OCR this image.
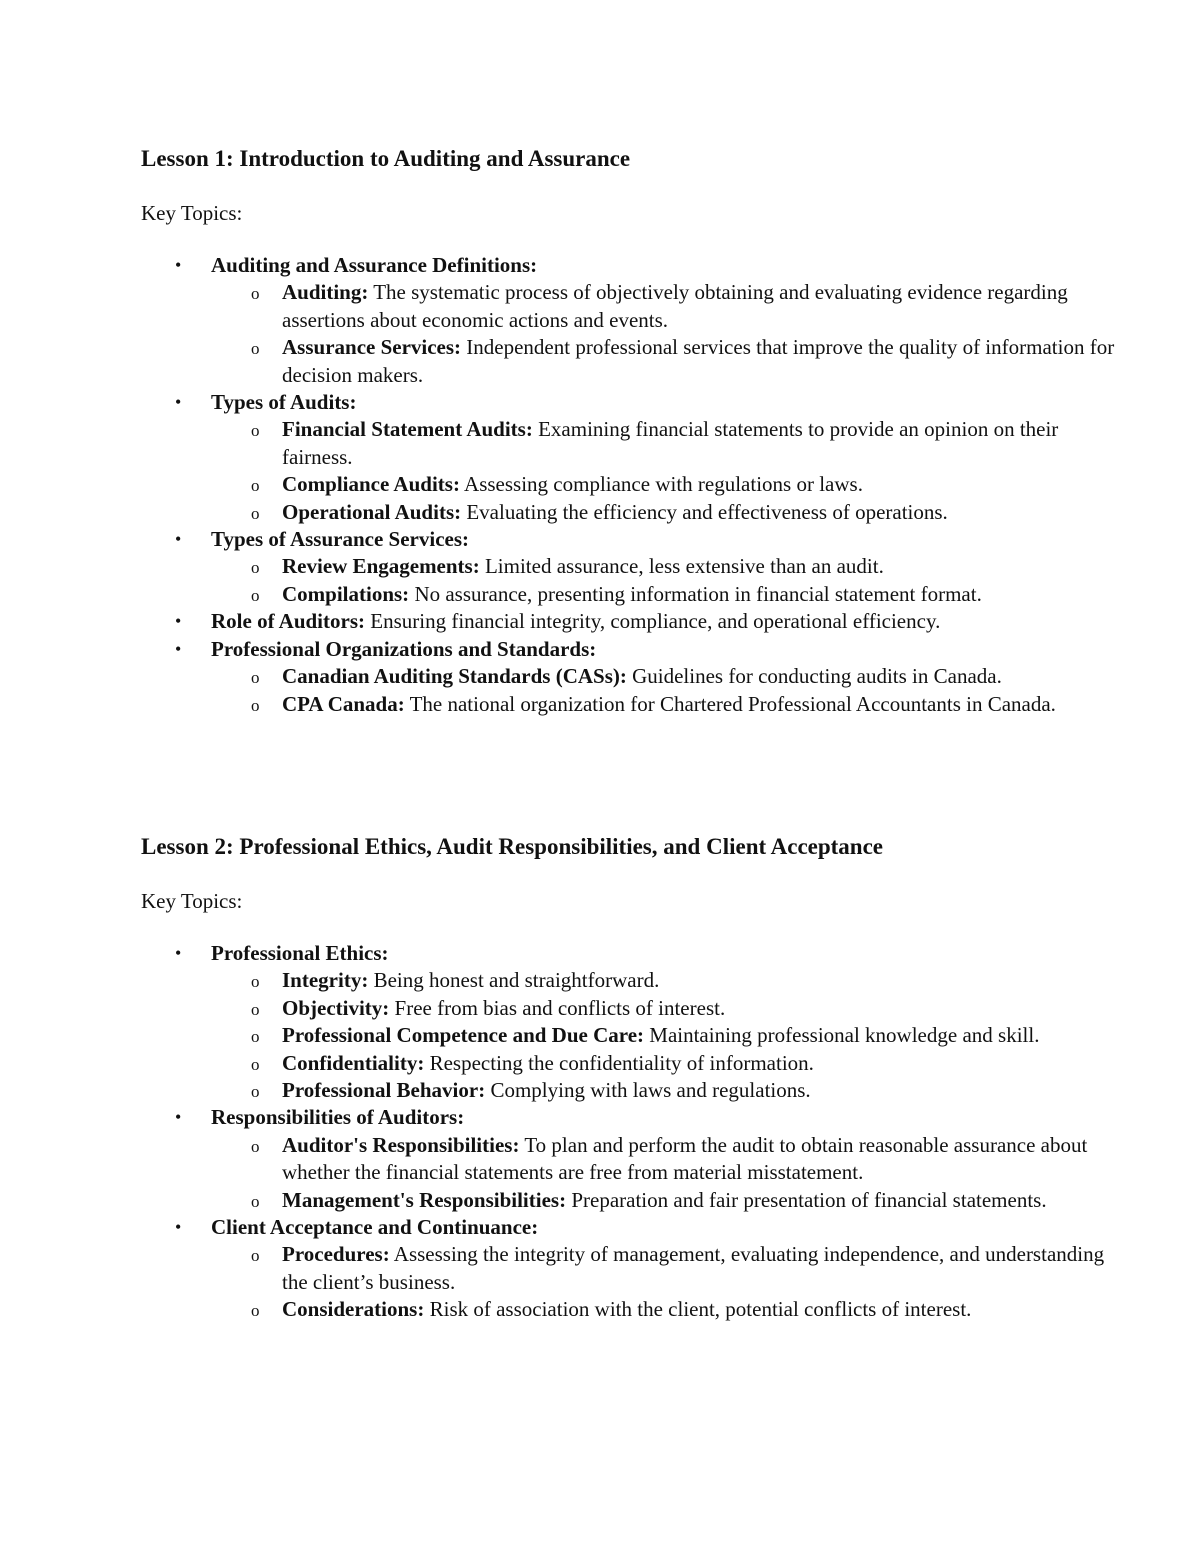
Lesson 1: Introduction to Auditing and Assurance
Key Topics:
• Auditing and Assurance Definitions:
o Auditing: The systematic process of objectively obtaining and evaluating evidence regarding assertions about economic actions and events.
o Assurance Services: Independent professional services that improve the quality of information for decision makers.
• Types of Audits:
o Financial Statement Audits: Examining financial statements to provide an opinion on their fairness.
o Compliance Audits: Assessing compliance with regulations or laws.
o Operational Audits: Evaluating the efficiency and effectiveness of operations.
• Types of Assurance Services:
o Review Engagements: Limited assurance, less extensive than an audit.
o Compilations: No assurance, presenting information in financial statement format.
• Role of Auditors: Ensuring financial integrity, compliance, and operational efficiency.
• Professional Organizations and Standards:
o Canadian Auditing Standards (CASs): Guidelines for conducting audits in Canada.
o CPA Canada: The national organization for Chartered Professional Accountants in Canada.
Lesson 2: Professional Ethics, Audit Responsibilities, and Client Acceptance
Key Topics:
• Professional Ethics:
o Integrity: Being honest and straightforward.
o Objectivity: Free from bias and conflicts of interest.
o Professional Competence and Due Care: Maintaining professional knowledge and skill.
o Confidentiality: Respecting the confidentiality of information.
o Professional Behavior: Complying with laws and regulations.
• Responsibilities of Auditors:
o Auditor's Responsibilities: To plan and perform the audit to obtain reasonable assurance about whether the financial statements are free from material misstatement.
o Management's Responsibilities: Preparation and fair presentation of financial statements.
• Client Acceptance and Continuance:
o Procedures: Assessing the integrity of management, evaluating independence, and understanding the client’s business.
o Considerations: Risk of association with the client, potential conflicts of interest.
